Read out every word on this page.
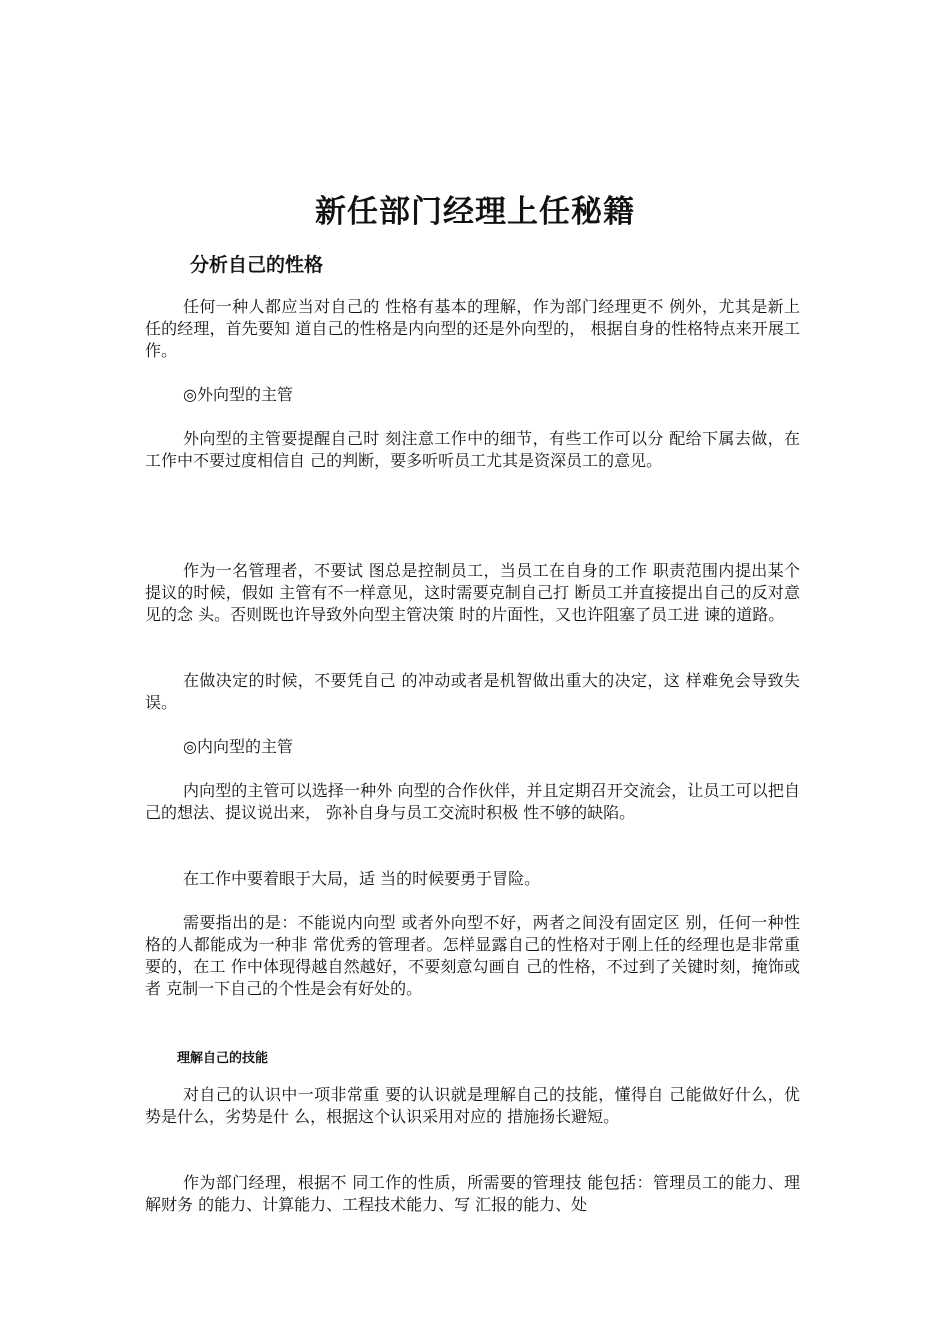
新任部门经理上任秘籍
分析自己的性格

任何一种人都应当对自己的 性格有基本的理解，作为部门经理更不 例外，尤其是新上任的经理，首先要知 道自己的性格是内向型的还是外向型的， 根据自身的性格特点来开展工作。

◎外向型的主管

外向型的主管要提醒自己时 刻注意工作中的细节，有些工作可以分 配给下属去做，在工作中不要过度相信自 己的判断，要多听听员工尤其是资深员工的意见。

作为一名管理者，不要试 图总是控制员工，当员工在自身的工作 职责范围内提出某个提议的时候，假如 主管有不一样意见，这时需要克制自己打 断员工并直接提出自己的反对意见的念 头。否则既也许导致外向型主管决策 时的片面性，又也许阻塞了员工进 谏的道路。

在做决定的时候，不要凭自己 的冲动或者是机智做出重大的决定，这 样难免会导致失误。

◎内向型的主管

内向型的主管可以选择一种外 向型的合作伙伴，并且定期召开交流会，让员工可以把自己的想法、提议说出来， 弥补自身与员工交流时积极 性不够的缺陷。

在工作中要着眼于大局，适 当的时候要勇于冒险。

需要指出的是：不能说内向型 或者外向型不好，两者之间没有固定区 别，任何一种性格的人都能成为一种非 常优秀的管理者。怎样显露自己的性格对于刚上任的经理也是非常重要的，在工 作中体现得越自然越好，不要刻意勾画自 己的性格，不过到了关键时刻，掩饰或者 克制一下自己的个性是会有好处的。

理解自己的技能

对自己的认识中一项非常重 要的认识就是理解自己的技能，懂得自 己能做好什么，优势是什么，劣势是什 么，根据这个认识采用对应的 措施扬长避短。

作为部门经理，根据不 同工作的性质，所需要的管理技 能包括：管理员工的能力、理解财务 的能力、计算能力、工程技术能力、写 汇报的能力、处
